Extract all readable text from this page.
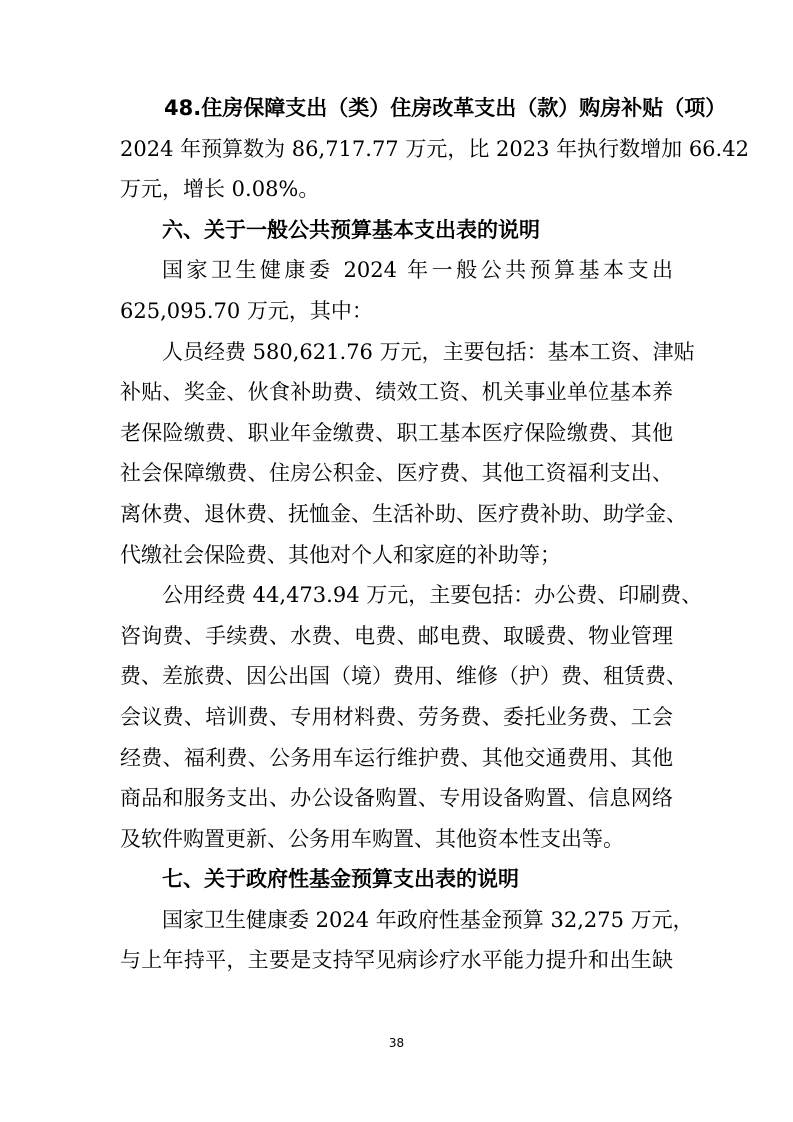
48.住房保障支出（类）住房改革支出（款）购房补贴（项）
2024 年预算数为 86,717.77 万元，比 2023 年执行数增加 66.42
万元，增长 0.08%。
六、关于一般公共预算基本支出表的说明
国家卫生健康委 2024 年一般公共预算基本支出
625,095.70 万元，其中：
人员经费 580,621.76 万元，主要包括：基本工资、津贴
补贴、奖金、伙食补助费、绩效工资、机关事业单位基本养
老保险缴费、职业年金缴费、职工基本医疗保险缴费、其他
社会保障缴费、住房公积金、医疗费、其他工资福利支出、
离休费、退休费、抚恤金、生活补助、医疗费补助、助学金、
代缴社会保险费、其他对个人和家庭的补助等；
公用经费 44,473.94 万元，主要包括：办公费、印刷费、
咨询费、手续费、水费、电费、邮电费、取暖费、物业管理
费、差旅费、因公出国（境）费用、维修（护）费、租赁费、
会议费、培训费、专用材料费、劳务费、委托业务费、工会
经费、福利费、公务用车运行维护费、其他交通费用、其他
商品和服务支出、办公设备购置、专用设备购置、信息网络
及软件购置更新、公务用车购置、其他资本性支出等。
七、关于政府性基金预算支出表的说明
国家卫生健康委 2024 年政府性基金预算 32,275 万元，
与上年持平，主要是支持罕见病诊疗水平能力提升和出生缺
38
